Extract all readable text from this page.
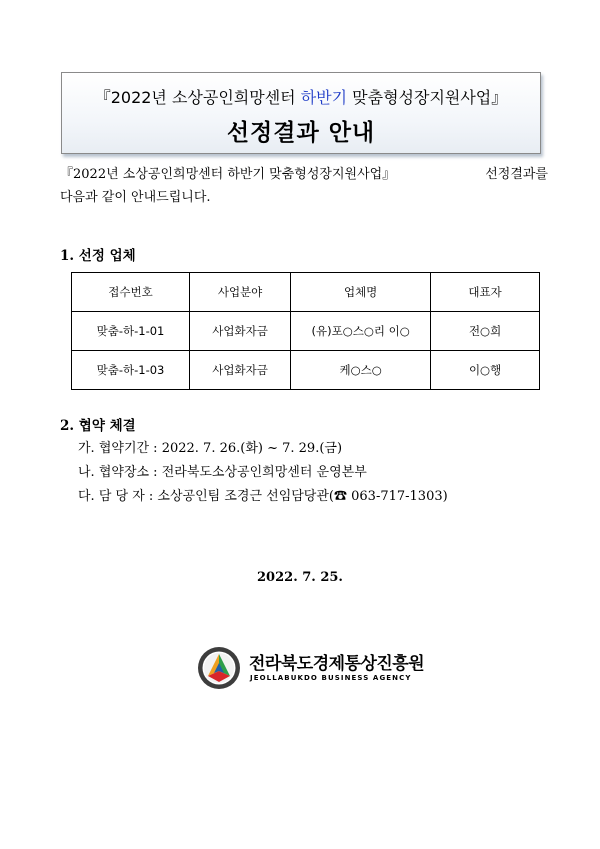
『2022년 소상공인희망센터 하반기 맞춤형성장지원사업』
선정결과 안내

『2022년 소상공인희망센터 하반기 맞춤형성장지원사업』	선정결과를

다음과 같이 안내드립니다.

1. 선정 업체
접수번호	사업분야	업체명	대표자
맞춤-하-1-01	사업화자금	(유)포○스○리 이○	전○희
맞춤-하-1-03	사업화자금	케○스○	이○행
2. 협약 체결

가. 협약기간 : 2022. 7. 26.(화) ~ 7. 29.(금)

나. 협약장소 : 전라북도소상공인희망센터 운영본부

다. 담 당 자 : 소상공인팀 조경근 선임담당관(☎ 063-717-1303)

2022. 7. 25.
전라북도경제통상진흥원
JEOLLABUKDO BUSINESS AGENCY
